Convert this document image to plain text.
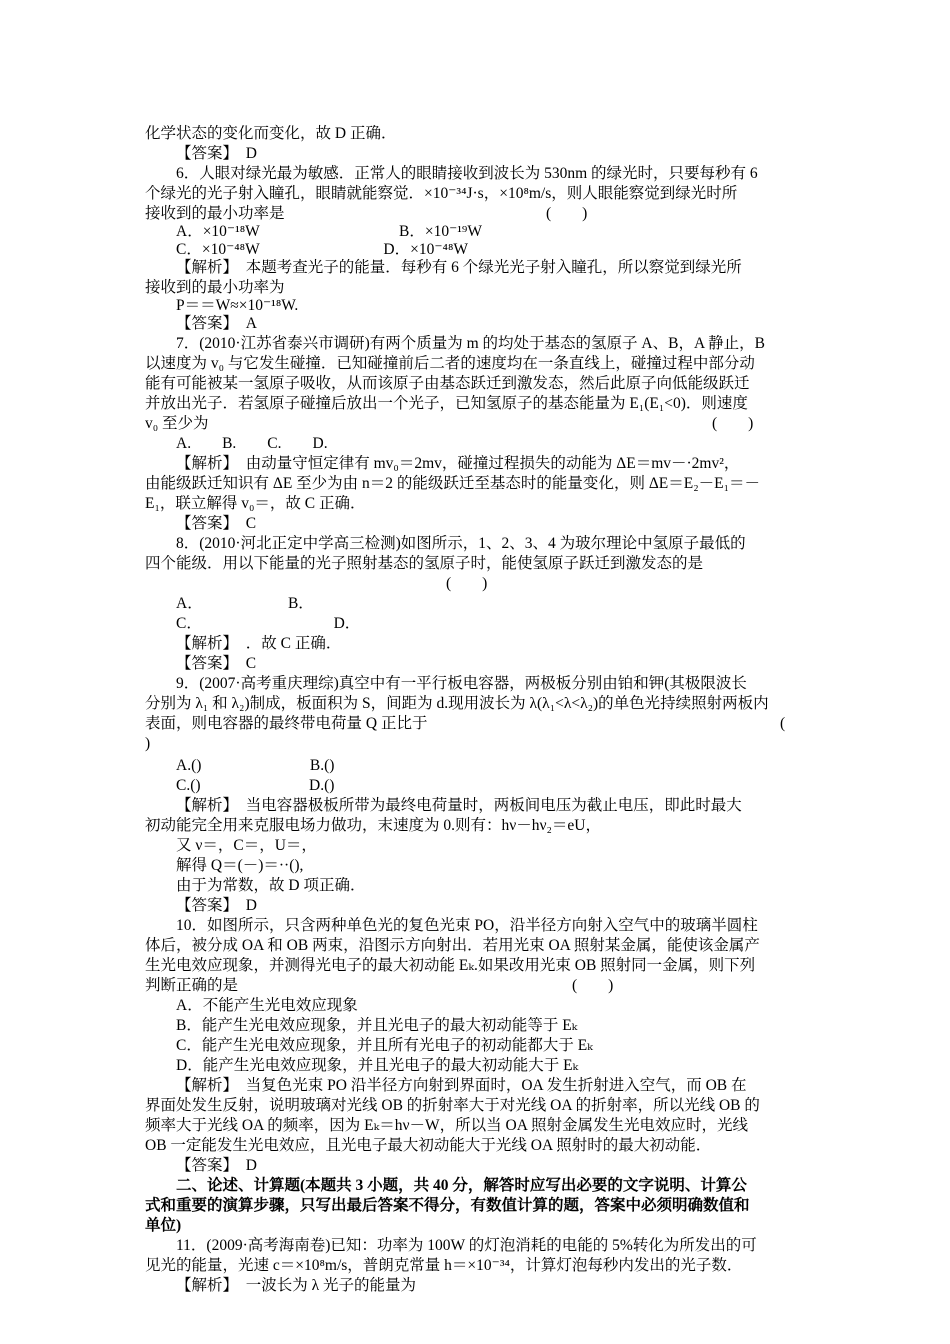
化学状态的变化而变化，故 D 正确．
【答案】　D
6．人眼对绿光最为敏感．正常人的眼睛接收到波长为 530nm 的绿光时，只要每秒有 6
个绿光的光子射入瞳孔，眼睛就能察觉．×10⁻³⁴J·s，×10⁸m/s，则人眼能察觉到绿光时所
接收到的最小功率是	(　　)
A．×10⁻¹⁸W　　　　　　　　　B．×10⁻¹⁹W
C．×10⁻⁴⁸W　　　　　　　　D．×10⁻⁴⁸W
【解析】　本题考查光子的能量．每秒有 6 个绿光光子射入瞳孔，所以察觉到绿光所
接收到的最小功率为
P＝＝W≈×10⁻¹⁸W.
【答案】　A
7．(2010·江苏省泰兴市调研)有两个质量为 m 的均处于基态的氢原子 A、B，A 静止，B
以速度为 v₀ 与它发生碰撞．已知碰撞前后二者的速度均在一条直线上，碰撞过程中部分动
能有可能被某一氢原子吸收，从而该原子由基态跃迁到激发态，然后此原子向低能级跃迁
并放出光子．若氢原子碰撞后放出一个光子，已知氢原子的基态能量为 E₁(E₁<0)．则速度
v₀ 至少为	(　　)
A.　　B.　　C.　　D.
【解析】　由动量守恒定律有 mv₀＝2mv，碰撞过程损失的动能为 ΔE＝mv－·2mv²，
由能级跃迁知识有 ΔE 至少为由 n＝2 的能级跃迁至基态时的能量变化，则 ΔE＝E₂－E₁＝－
E₁，联立解得 v₀＝，故 C 正确．
【答案】　C
8．(2010·河北正定中学高三检测)如图所示，1、2、3、4 为玻尔理论中氢原子最低的
四个能级．用以下能量的光子照射基态的氢原子时，能使氢原子跃迁到激发态的是
(　　)
A．　　　　　　B．
C．　　　　　　　　　D．
【解析】　．故 C 正确．
【答案】　C
9．(2007·高考重庆理综)真空中有一平行板电容器，两极板分别由铂和钾(其极限波长
分别为 λ₁ 和 λ₂)制成，板面积为 S，间距为 d.现用波长为 λ(λ₁<λ<λ₂)的单色光持续照射两板内
表面，则电容器的最终带电荷量 Q 正比于	(
)
A.()　　　　　　　B.()
C.()　　　　　　　D.()
【解析】　当电容器极板所带为最终电荷量时，两板间电压为截止电压，即此时最大
初动能完全用来克服电场力做功，末速度为 0.则有：hν－hν₂＝eU，
又 ν＝，C＝，U＝，
解得 Q＝(－)＝··(),
由于为常数，故 D 项正确．
【答案】　D
10．如图所示，只含两种单色光的复色光束 PO，沿半径方向射入空气中的玻璃半圆柱
体后，被分成 OA 和 OB 两束，沿图示方向射出．若用光束 OA 照射某金属，能使该金属产
生光电效应现象，并测得光电子的最大初动能 Eₖ.如果改用光束 OB 照射同一金属，则下列
判断正确的是	(　　)
A．不能产生光电效应现象
B．能产生光电效应现象，并且光电子的最大初动能等于 Eₖ
C．能产生光电效应现象，并且所有光电子的初动能都大于 Eₖ
D．能产生光电效应现象，并且光电子的最大初动能大于 Eₖ
【解析】　当复色光束 PO 沿半径方向射到界面时，OA 发生折射进入空气，而 OB 在
界面处发生反射，说明玻璃对光线 OB 的折射率大于对光线 OA 的折射率，所以光线 OB 的
频率大于光线 OA 的频率，因为 Eₖ＝hν－W，所以当 OA 照射金属发生光电效应时，光线
OB 一定能发生光电效应，且光电子最大初动能大于光线 OA 照射时的最大初动能．
【答案】　D
二、论述、计算题(本题共 3 小题，共 40 分，解答时应写出必要的文字说明、计算公
式和重要的演算步骤，只写出最后答案不得分，有数值计算的题，答案中必须明确数值和
单位)
11．(2009·高考海南卷)已知：功率为 100W 的灯泡消耗的电能的 5%转化为所发出的可
见光的能量，光速 c＝×10⁸m/s，普朗克常量 h＝×10⁻³⁴，计算灯泡每秒内发出的光子数．
【解析】　一波长为 λ 光子的能量为
